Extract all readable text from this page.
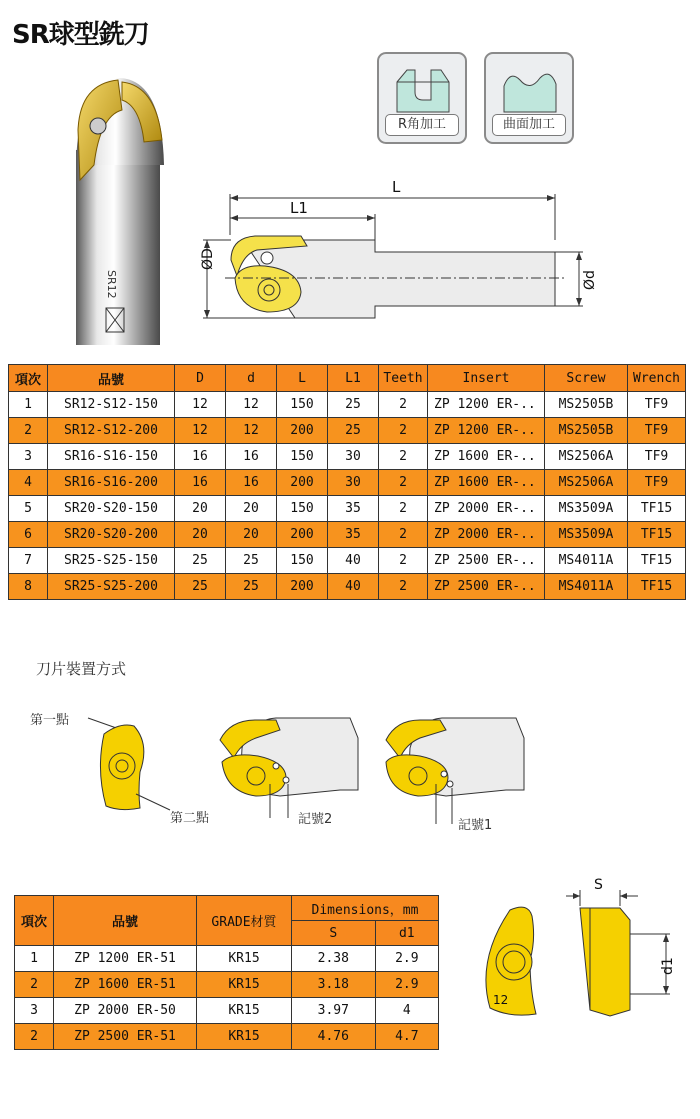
SR球型銑刀
SR12
R角加工	曲面加工
L
L1
ØD
Ød
項次	品號	D	d	L	L1	Teeth	Insert	Screw	Wrench
1	SR12-S12-150	12	12	150	25	2	ZP 1200 ER-..	MS2505B	TF9
2	SR12-S12-200	12	12	200	25	2	ZP 1200 ER-..	MS2505B	TF9
3	SR16-S16-150	16	16	150	30	2	ZP 1600 ER-..	MS2506A	TF9
4	SR16-S16-200	16	16	200	30	2	ZP 1600 ER-..	MS2506A	TF9
5	SR20-S20-150	20	20	150	35	2	ZP 2000 ER-..	MS3509A	TF15
6	SR20-S20-200	20	20	200	35	2	ZP 2000 ER-..	MS3509A	TF15
7	SR25-S25-150	25	25	150	40	2	ZP 2500 ER-..	MS4011A	TF15
8	SR25-S25-200	25	25	200	40	2	ZP 2500 ER-..	MS4011A	TF15
刀片裝置方式
第一點
第二點	記號2	記號1
項次	品號	GRADE材質	Dimensions，mm	
			S	d1
1	ZP 1200 ER-51	KR15	2.38	2.9
2	ZP 1600 ER-51	KR15	3.18	2.9
3	ZP 2000 ER-50	KR15	3.97	4
2	ZP 2500 ER-51	KR15	4.76	4.7
S
d1
12
